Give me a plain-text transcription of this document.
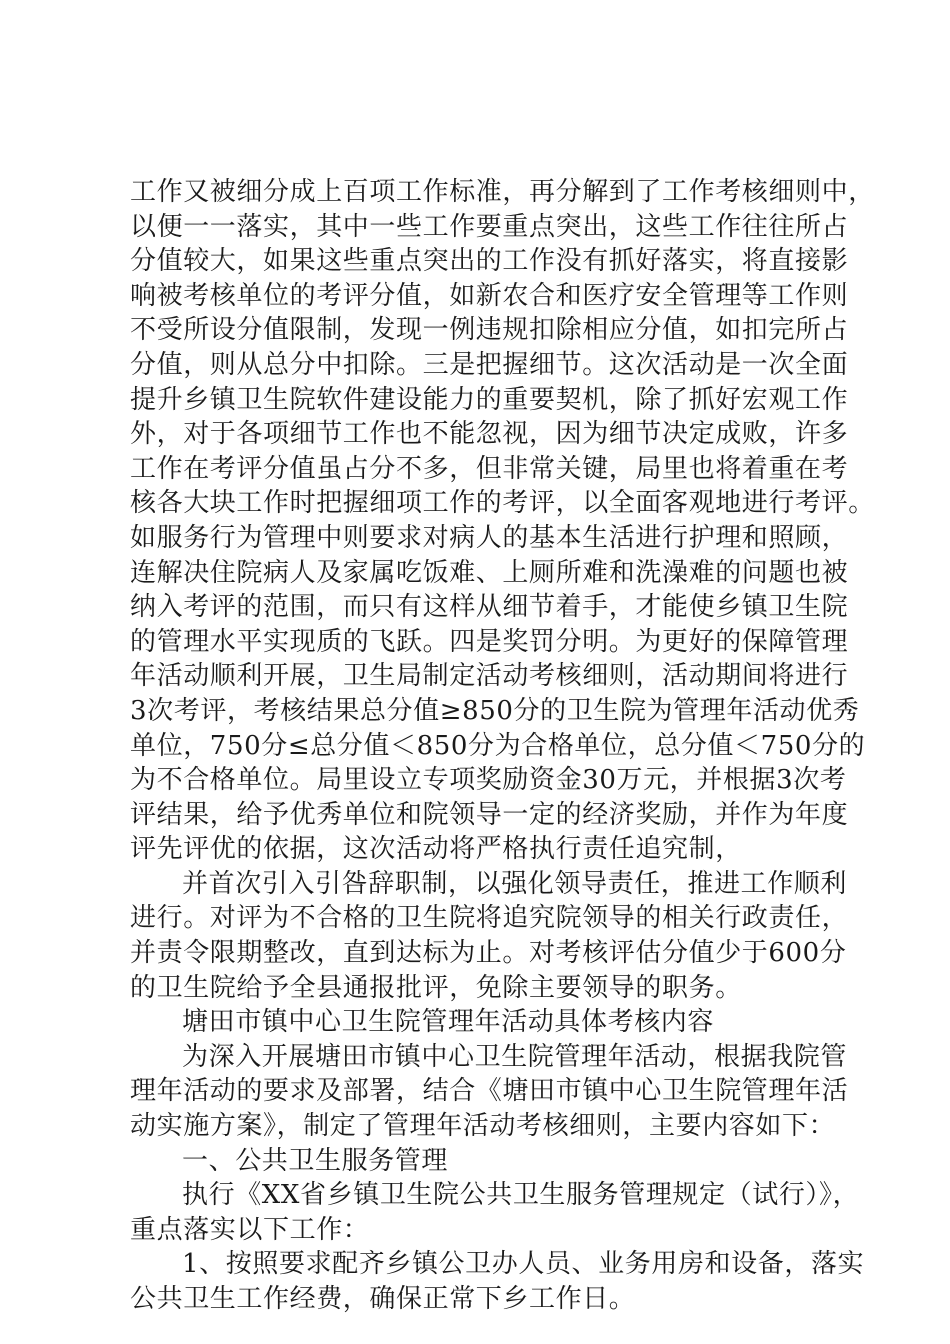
工作又被细分成上百项工作标准，再分解到了工作考核细则中，
以便一一落实，其中一些工作要重点突出，这些工作往往所占
分值较大，如果这些重点突出的工作没有抓好落实，将直接影
响被考核单位的考评分值，如新农合和医疗安全管理等工作则
不受所设分值限制，发现一例违规扣除相应分值，如扣完所占
分值，则从总分中扣除。三是把握细节。这次活动是一次全面
提升乡镇卫生院软件建设能力的重要契机，除了抓好宏观工作
外，对于各项细节工作也不能忽视，因为细节决定成败，许多
工作在考评分值虽占分不多，但非常关键，局里也将着重在考
核各大块工作时把握细项工作的考评，以全面客观地进行考评。
如服务行为管理中则要求对病人的基本生活进行护理和照顾，
连解决住院病人及家属吃饭难、上厕所难和洗澡难的问题也被
纳入考评的范围，而只有这样从细节着手，才能使乡镇卫生院
的管理水平实现质的飞跃。四是奖罚分明。为更好的保障管理
年活动顺利开展，卫生局制定活动考核细则，活动期间将进行
3次考评，考核结果总分值≥850分的卫生院为管理年活动优秀
单位，750分≤总分值＜850分为合格单位，总分值＜750分的
为不合格单位。局里设立专项奖励资金30万元，并根据3次考
评结果，给予优秀单位和院领导一定的经济奖励，并作为年度
评先评优的依据，这次活动将严格执行责任追究制，
并首次引入引咎辞职制，以强化领导责任，推进工作顺利
进行。对评为不合格的卫生院将追究院领导的相关行政责任，
并责令限期整改，直到达标为止。对考核评估分值少于600分
的卫生院给予全县通报批评，免除主要领导的职务。
塘田市镇中心卫生院管理年活动具体考核内容
为深入开展塘田市镇中心卫生院管理年活动，根据我院管
理年活动的要求及部署，结合《塘田市镇中心卫生院管理年活
动实施方案》，制定了管理年活动考核细则，主要内容如下：
一、公共卫生服务管理
执行《XX省乡镇卫生院公共卫生服务管理规定（试行）》，
重点落实以下工作：
1、按照要求配齐乡镇公卫办人员、业务用房和设备，落实
公共卫生工作经费，确保正常下乡工作日。
